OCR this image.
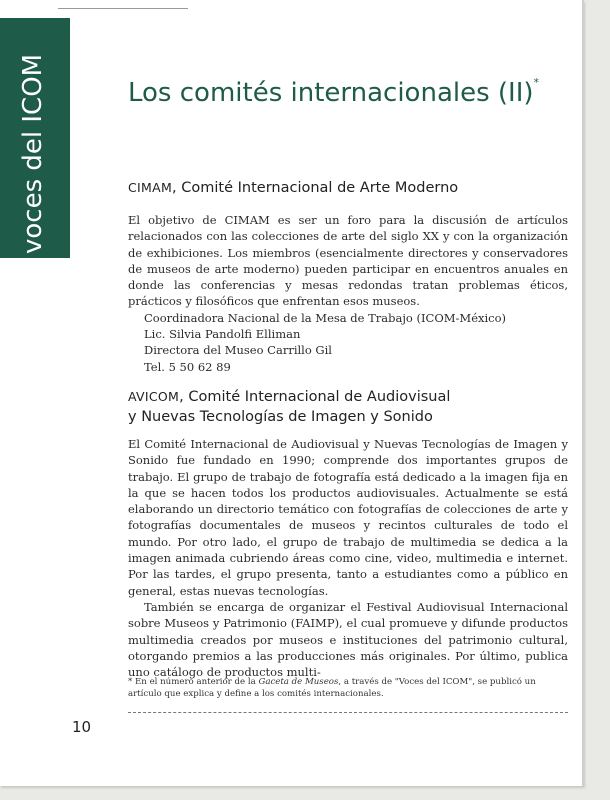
voces del ICOM	Los comités internacionales (II)*
CIMAM, Comité Internacional de Arte Moderno

El objetivo de CIMAM es ser un foro para la discusión de artículos relacionados con las colecciones de arte del siglo XX y con la organización de exhibiciones. Los miembros (esencialmente directores y conservadores de museos de arte moderno) pueden participar en encuentros anuales en donde las conferencias y mesas redondas tratan problemas éticos, prácticos y filosóficos que enfrentan esos museos.

Coordinadora Nacional de la Mesa de Trabajo (ICOM-México)

Lic. Silvia Pandolfi Elliman

Directora del Museo Carrillo Gil

Tel. 5 50 62 89

AVICOM, Comité Internacional de Audiovisual
y Nuevas Tecnologías de Imagen y Sonido

El Comité Internacional de Audiovisual y Nuevas Tecnologías de Imagen y Sonido fue fundado en 1990; comprende dos importantes grupos de trabajo. El grupo de trabajo de fotografía está dedicado a la imagen fija en la que se hacen todos los productos audiovisuales. Actualmente se está elaborando un directorio temático con fotografías de colecciones de arte y fotografías documentales de museos y recintos culturales de todo el mundo. Por otro lado, el grupo de trabajo de multimedia se dedica a la imagen animada cubriendo áreas como cine, video, multimedia e internet. Por las tardes, el grupo presenta, tanto a estudiantes como a público en general, estas nuevas tecnologías.

También se encarga de organizar el Festival Audiovisual Internacional sobre Museos y Patrimonio (FAIMP), el cual promueve y difunde productos multimedia creados por museos e instituciones del patrimonio cultural, otorgando premios a las producciones más originales. Por último, publica uno catálogo de productos multi-

* En el número anterior de la Gaceta de Museos, a través de "Voces del ICOM", se publicó un artículo que explica y define a los comités internacionales.
10
